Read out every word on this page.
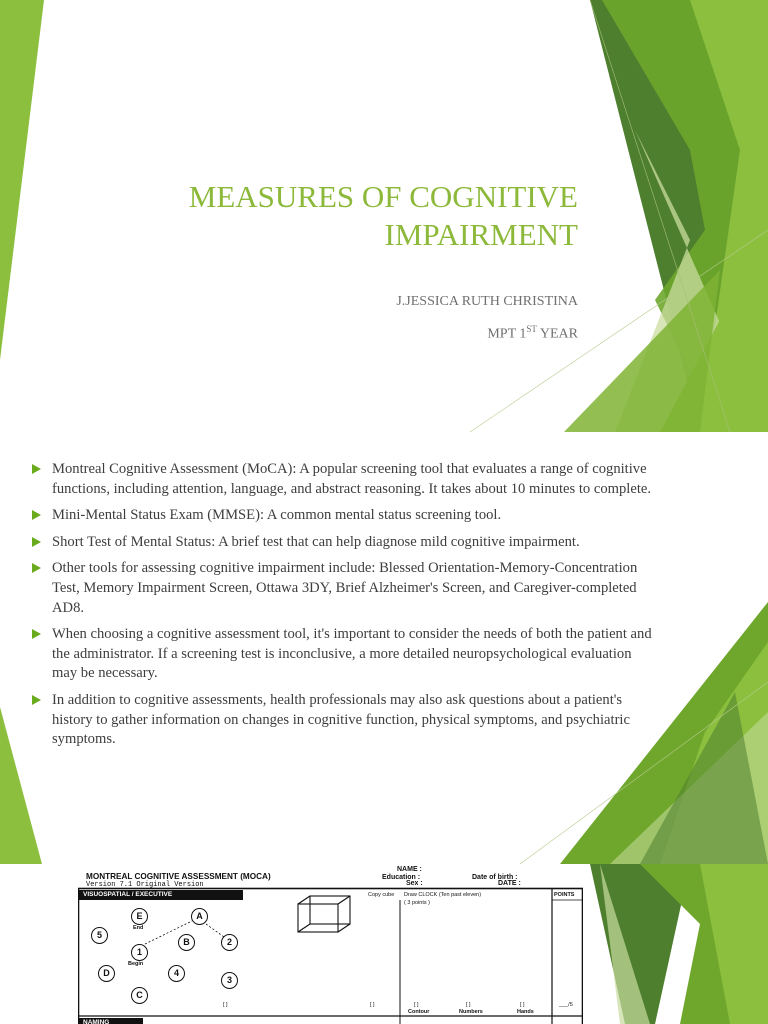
MEASURES OF COGNITIVE IMPAIRMENT
J.JESSICA RUTH CHRISTINA
MPT 1ST YEAR
Montreal Cognitive Assessment (MoCA): A popular screening tool that evaluates a range of cognitive functions, including attention, language, and abstract reasoning. It takes about 10 minutes to complete.
Mini-Mental Status Exam (MMSE): A common mental status screening tool.
Short Test of Mental Status: A brief test that can help diagnose mild cognitive impairment.
Other tools for assessing cognitive impairment include: Blessed Orientation-Memory-Concentration Test, Memory Impairment Screen, Ottawa 3DY, Brief Alzheimer's Screen, and Caregiver-completed AD8.
When choosing a cognitive assessment tool, it's important to consider the needs of both the patient and the administrator. If a screening test is inconclusive, a more detailed neuropsychological evaluation may be necessary.
In addition to cognitive assessments, health professionals may also ask questions about a patient's history to gather information on changes in cognitive function, physical symptoms, and psychiatric symptoms.
MONTREAL COGNITIVE ASSESSMENT (MOCA)
Version 7.1 Original Version
NAME :
Education :
Sex :
Date of birth :
DATE :
VISUOSPATIAL / EXECUTIVE	Copy cube Draw CLOCK (Ten past eleven)
( 3 points )
POINTS
E	A
5
1
B	2
D	4
3
C
End
Begin
[ ]	[ ]	[ ]	[ ]	[ ]
Contour	Numbers	Hands
___/5
NAMING
